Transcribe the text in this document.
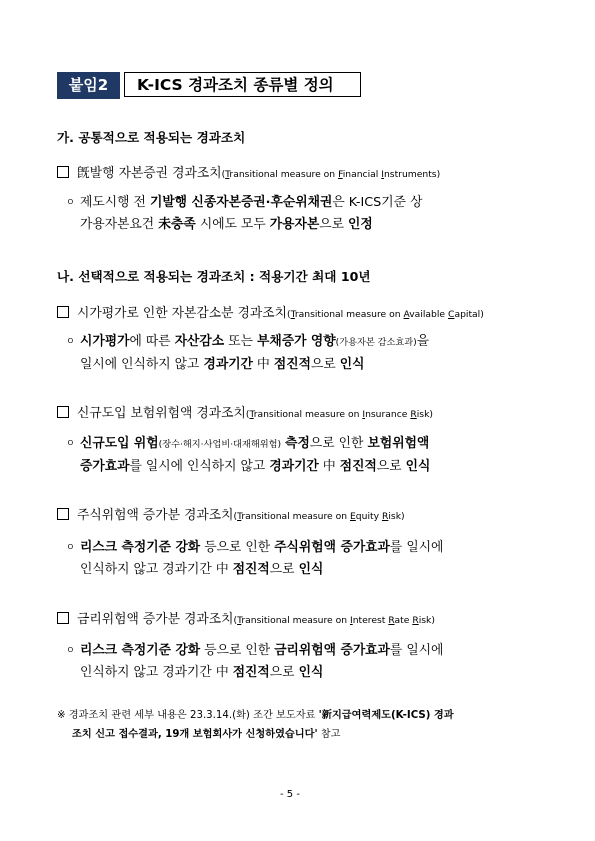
붙임2	K-ICS 경과조치 종류별 정의
가. 공통적으로 적용되는 경과조치
旣발행 자본증권 경과조치(Transitional measure on Financial Instruments)
ㅇ 제도시행 전 기발행 신종자본증권·후순위채권은 K-ICS기준 상
가용자본요건 未충족 시에도 모두 가용자본으로 인정
나. 선택적으로 적용되는 경과조치 : 적용기간 최대 10년
시가평가로 인한 자본감소분 경과조치(Transitional measure on Available Capital)
ㅇ 시가평가에 따른 자산감소 또는 부채증가 영향(가용자본 감소효과)을
일시에 인식하지 않고 경과기간 中 점진적으로 인식
신규도입 보험위험액 경과조치(Transitional measure on Insurance Risk)
ㅇ 신규도입 위험(장수·해지·사업비·대재해위험) 측정으로 인한 보험위험액
증가효과를 일시에 인식하지 않고 경과기간 中 점진적으로 인식
주식위험액 증가분 경과조치(Transitional measure on Equity Risk)
ㅇ 리스크 측정기준 강화 등으로 인한 주식위험액 증가효과를 일시에
인식하지 않고 경과기간 中 점진적으로 인식
금리위험액 증가분 경과조치(Transitional measure on Interest Rate Risk)
ㅇ 리스크 측정기준 강화 등으로 인한 금리위험액 증가효과를 일시에
인식하지 않고 경과기간 中 점진적으로 인식
※ 경과조치 관련 세부 내용은 23.3.14.(화) 조간 보도자료 '新지급여력제도(K-ICS) 경과
조치 신고 접수결과, 19개 보험회사가 신청하였습니다' 참고
- 5 -
